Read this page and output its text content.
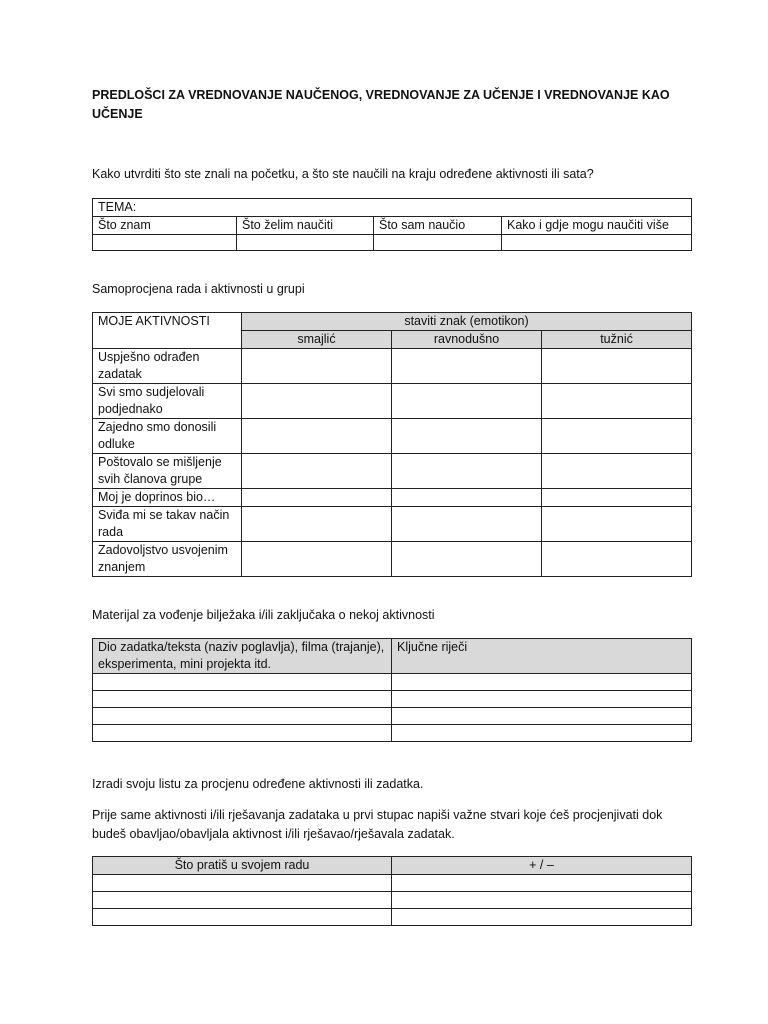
PREDLOŠCI ZA VREDNOVANJE NAUČENOG, VREDNOVANJE ZA UČENJE I VREDNOVANJE KAO UČENJE
Kako utvrditi što ste znali na početku, a što ste naučili na kraju određene aktivnosti ili sata?
TEMA:			
Što znam	Što želim naučiti	Što sam naučio	Kako i gdje mogu naučiti više

Samoprocjena rada i aktivnosti u grupi
MOJE AKTIVNOSTI	staviti znak (emotikon)		
	smajlić	ravnodušno	tužnić
Uspješno odrađen zadatak			
Svi smo sudjelovali podjednako			
Zajedno smo donosili odluke			
Poštovalo se mišljenje svih članova grupe			
Moj je doprinos bio…			
Sviđa mi se takav način rada			
Zadovoljstvo usvojenim znanjem			
Materijal za vođenje bilježaka i/ili zaključaka o nekoj aktivnosti
Dio zadatka/teksta (naziv poglavlja), filma (trajanje), eksperimenta, mini projekta itd.	Ključne riječi

Izradi svoju listu za procjenu određene aktivnosti ili zadatka.
Prije same aktivnosti i/ili rješavanja zadataka u prvi stupac napiši važne stvari koje ćeš procjenjivati dok budeš obavljao/obavljala aktivnost i/ili rješavao/rješavala zadatak.
Što pratiš u svojem radu	+ / –
